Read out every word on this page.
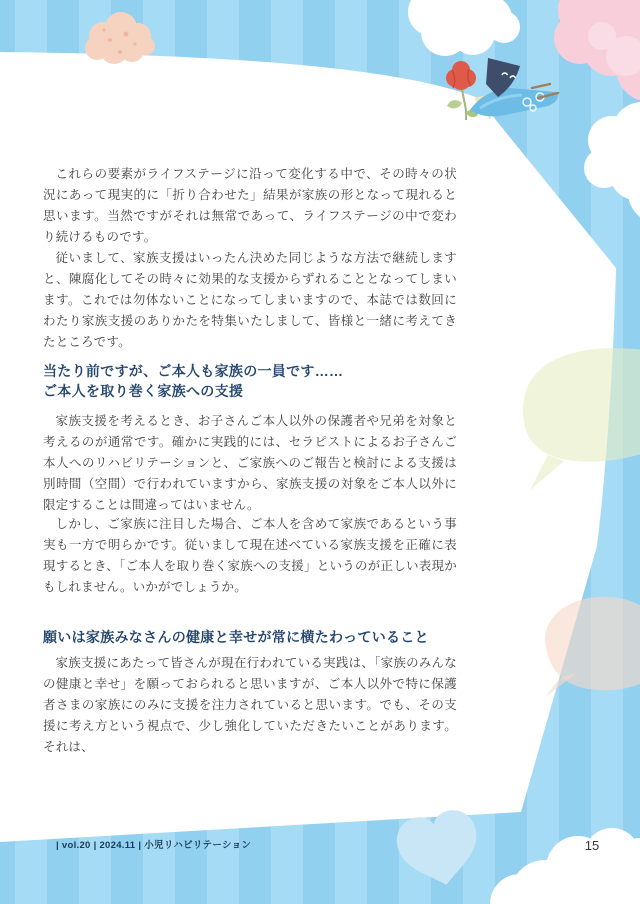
これらの要素がライフステージに沿って変化する中で、その時々の状況にあって現実的に「折り合わせた」結果が家族の形となって現れると思います。当然ですがそれは無常であって、ライフステージの中で変わり続けるものです。

従いまして、家族支援はいったん決めた同じような方法で継続しますと、陳腐化してその時々に効果的な支援からずれることとなってしまいます。これでは勿体ないことになってしまいますので、本誌では数回にわたり家族支援のありかたを特集いたしまして、皆様と一緒に考えてきたところです。

当たり前ですが、ご本人も家族の一員です……
ご本人を取り巻く家族への支援

家族支援を考えるとき、お子さんご本人以外の保護者や兄弟を対象と考えるのが通常です。確かに実践的には、セラピストによるお子さんご本人へのリハビリテーションと、ご家族へのご報告と検討による支援は別時間（空間）で行われていますから、家族支援の対象をご本人以外に限定することは間違ってはいません。

しかし、ご家族に注目した場合、ご本人を含めて家族であるという事実も一方で明らかです。従いまして現在述べている家族支援を正確に表現するとき、「ご本人を取り巻く家族への支援」というのが正しい表現かもしれません。いかがでしょうか。

願いは家族みなさんの健康と幸せが常に横たわっていること

家族支援にあたって皆さんが現在行われている実践は、「家族のみんなの健康と幸せ」を願っておられると思いますが、ご本人以外で特に保護者さまの家族にのみに支援を注力されていると思います。でも、その支援に考え方という視点で、少し強化していただきたいことがあります。それは、

| vol.20 | 2024.11 | 小児リハビリテーション	15
